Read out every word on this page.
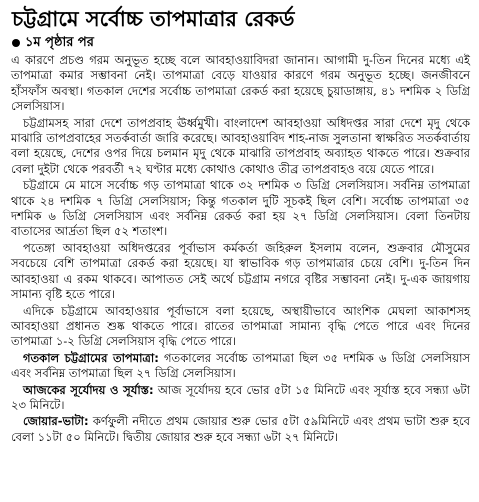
চট্টগ্রামে সর্বোচ্চ তাপমাত্রার রেকর্ড
১ম পৃষ্ঠার পর

এ কারণে প্রচণ্ড গরম অনুভূত হচ্ছে বলে আবহাওয়াবিদরা জানান। আগামী দু-তিন দিনের মধ্যে এই তাপমাত্রা কমার সম্ভাবনা নেই। তাপমাত্রা বেড়ে যাওয়ার কারণে গরম অনুভূত হচ্ছে। জনজীবনে হাঁসফাঁস অবস্থা। গতকাল দেশের সর্বোচ্চ তাপমাত্রা রেকর্ড করা হয়েছে চুয়াডাঙ্গায়, ৪১ দশমিক ২ ডিগ্রি সেলসিয়াস।

চট্টগ্রামসহ সারা দেশে তাপপ্রবাহ ঊর্ধ্বমুখী। বাংলাদেশ আবহাওয়া অধিদপ্তর সারা দেশে মৃদু থেকে মাঝারি তাপপ্রবাহের সতর্কবার্তা জারি করেছে। আবহাওয়াবিদ শাহ-নাজ সুলতানা স্বাক্ষরিত সতর্কবার্তায় বলা হয়েছে, দেশের ওপর দিয়ে চলমান মৃদু থেকে মাঝারি তাপপ্রবাহ অব্যাহত থাকতে পারে। শুক্রবার বেলা দুইটা থেকে পরবর্তী ৭২ ঘণ্টার মধ্যে কোথাও কোথাও তীব্র তাপপ্রবাহও বয়ে যেতে পারে।

চট্টগ্রামে মে মাসে সর্বোচ্চ গড় তাপমাত্রা থাকে ৩২ দশমিক ৩ ডিগ্রি সেলসিয়াস। সর্বনিম্ন তাপমাত্রা থাকে ২৪ দশমিক ৭ ডিগ্রি সেলসিয়াস; কিন্তু গতকাল দুটি সূচকই ছিল বেশি। সর্বোচ্চ তাপমাত্রা ৩৫ দশমিক ৬ ডিগ্রি সেলসিয়াস এবং সর্বনিম্ন রেকর্ড করা হয় ২৭ ডিগ্রি সেলসিয়াস। বেলা তিনটায় বাতাসের আর্দ্রতা ছিল ৫২ শতাংশ।

পতেঙ্গা আবহাওয়া অধিদপ্তরের পূর্বাভাস কর্মকর্তা জহিরুল ইসলাম বলেন, শুক্রবার মৌসুমের সবচেয়ে বেশি তাপমাত্রা রেকর্ড করা হয়েছে। যা স্বাভাবিক গড় তাপমাত্রার চেয়ে বেশি। দু-তিন দিন আবহাওয়া এ রকম থাকবে। আপাতত সেই অর্থে চট্টগ্রাম নগরে বৃষ্টির সম্ভাবনা নেই। দু-এক জায়গায় সামান্য বৃষ্টি হতে পারে।

এদিকে চট্টগ্রামে আবহাওয়ার পূর্বাভাসে বলা হয়েছে, অস্থায়ীভাবে আংশিক মেঘলা আকাশসহ আবহাওয়া প্রধানত শুষ্ক থাকতে পারে। রাতের তাপমাত্রা সামান্য বৃদ্ধি পেতে পারে এবং দিনের তাপমাত্রা ১-২ ডিগ্রি সেলসিয়াস বৃদ্ধি পেতে পারে।

গতকাল চট্টগ্রামের তাপমাত্রা: গতকালের সর্বোচ্চ তাপমাত্রা ছিল ৩৫ দশমিক ৬ ডিগ্রি সেলসিয়াস এবং সর্বনিম্ন তাপমাত্রা ছিল ২৭ ডিগ্রি সেলসিয়াস।

আজকের সূর্যোদয় ও সূর্যাস্ত: আজ সূর্যোদয় হবে ভোর ৫টা ১৫ মিনিটে এবং সূর্যাস্ত হবে সন্ধ্যা ৬টা ২৩ মিনিটে।

জোয়ার-ভাটা: কর্ণফুলী নদীতে প্রথম জোয়ার শুরু ভোর ৫টা ৫৯মিনিটে এবং প্রথম ভাটা শুরু হবে বেলা ১১টা ৫০ মিনিটে। দ্বিতীয় জোয়ার শুরু হবে সন্ধ্যা ৬টা ২৭ মিনিটে।
